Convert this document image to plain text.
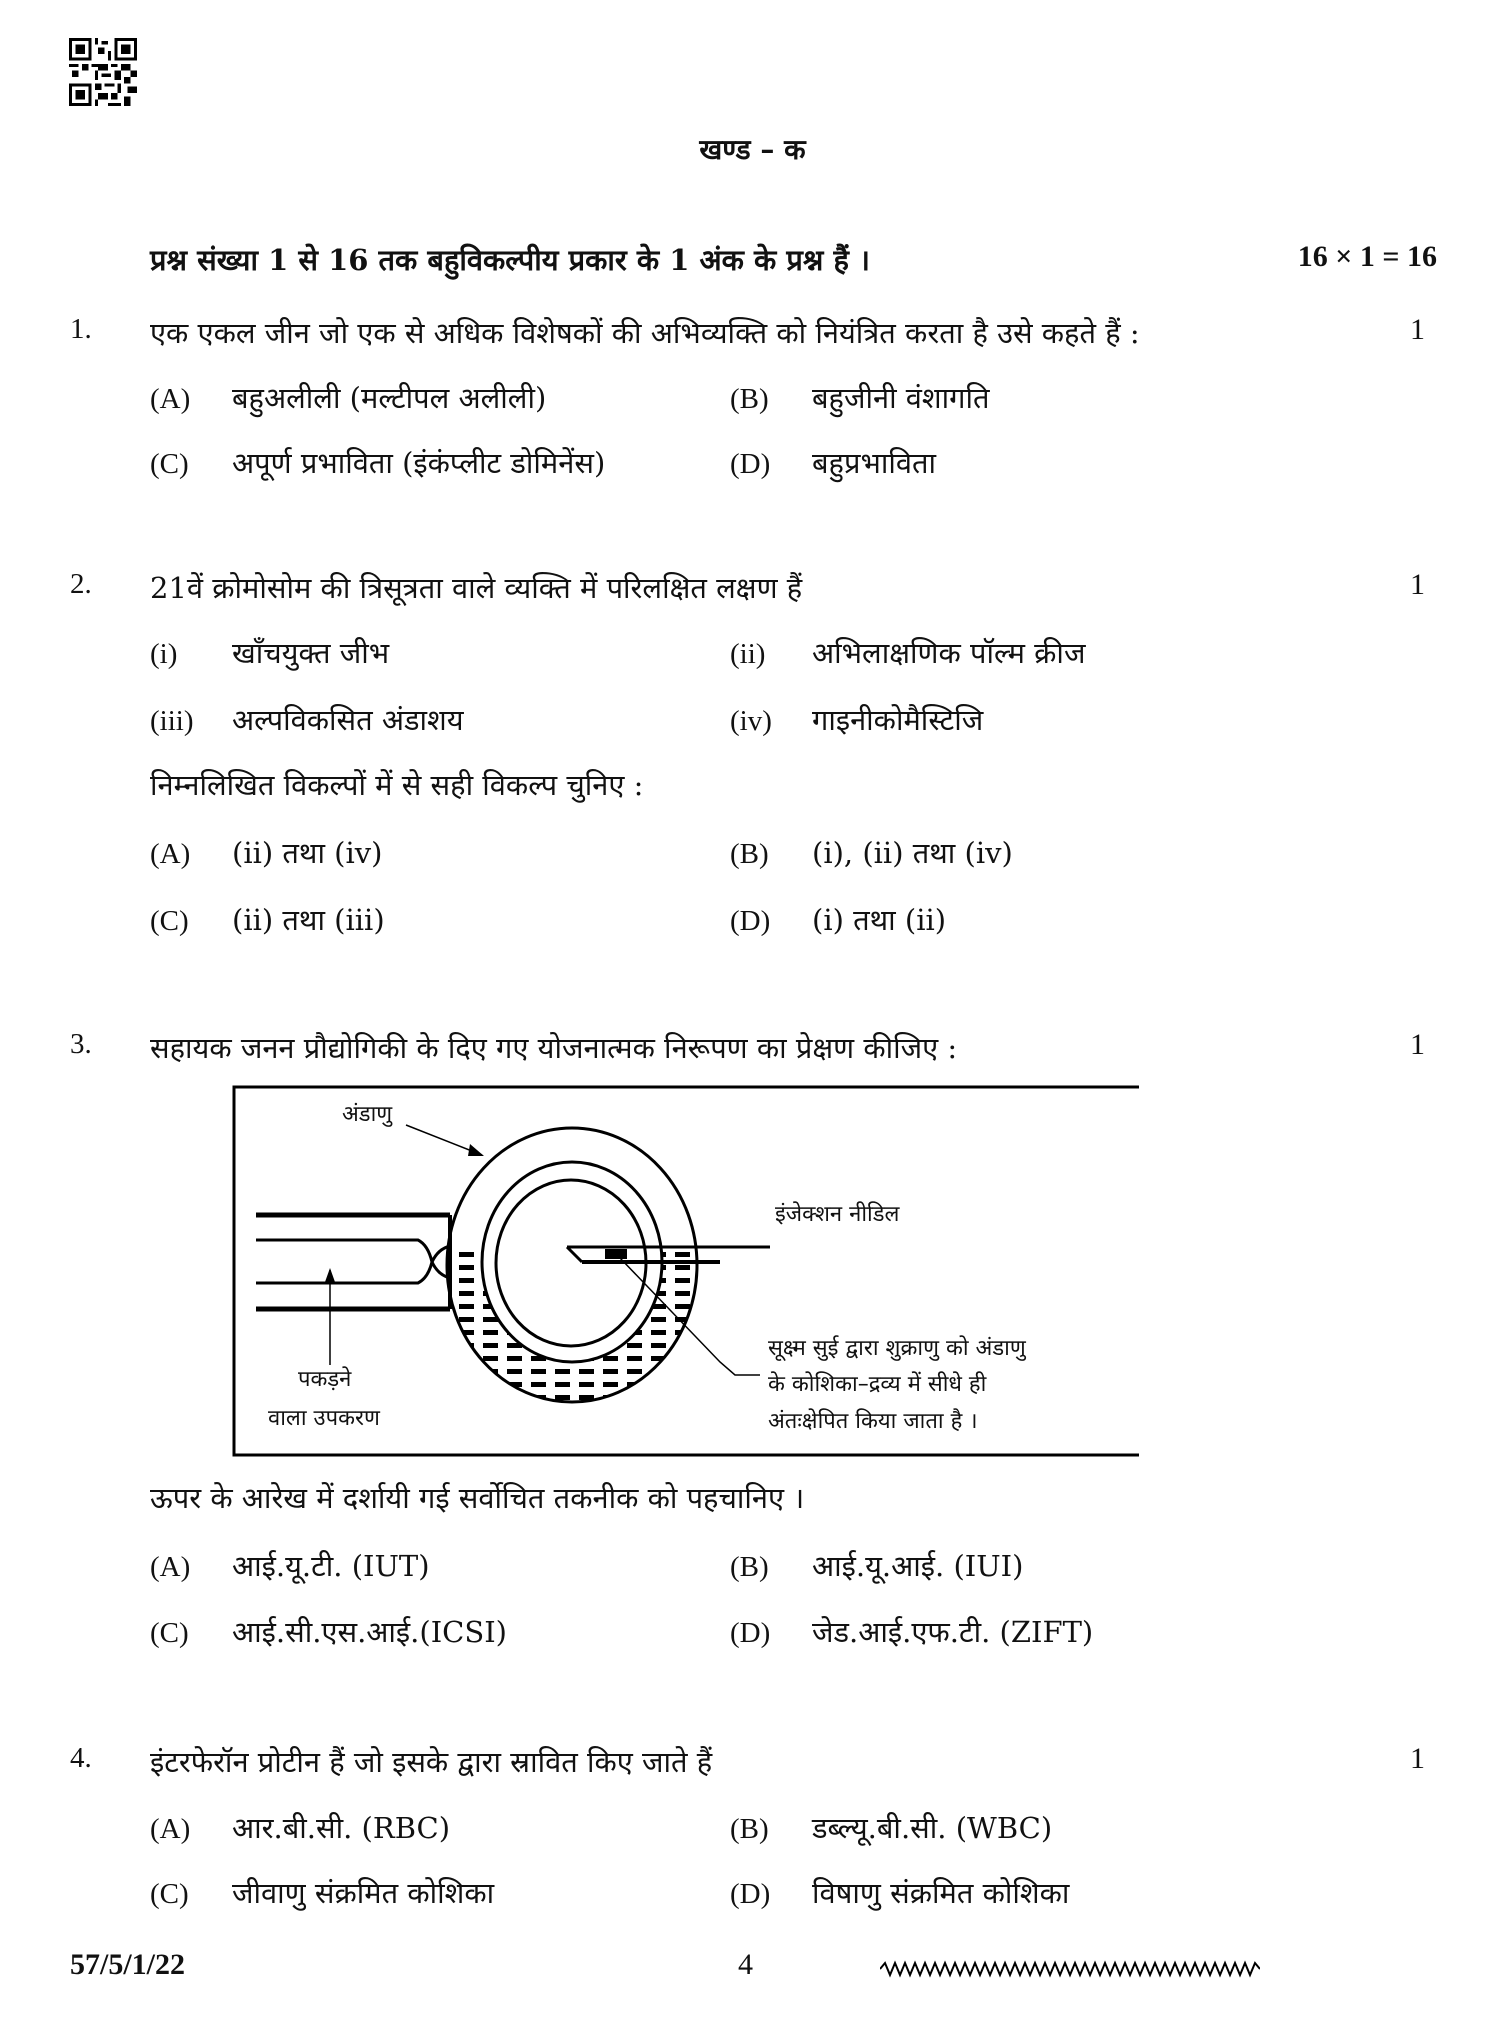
खण्ड – क
प्रश्न संख्या 1 से 16 तक बहुविकल्पीय प्रकार के 1 अंक के प्रश्न हैं ।	16 × 1 = 16
1. एक एकल जीन जो एक से अधिक विशेषकों की अभिव्यक्ति को नियंत्रित करता है उसे कहते हैं :	1
(A) बहुअलीली (मल्टीपल अलीली)	(B) बहुजीनी वंशागति
(C) अपूर्ण प्रभाविता (इंकंप्लीट डोमिनेंस)	(D) बहुप्रभाविता
2. 21वें क्रोमोसोम की त्रिसूत्रता वाले व्यक्ति में परिलक्षित लक्षण हैं	1
(i) खाँचयुक्त जीभ	(ii) अभिलाक्षणिक पॉल्म क्रीज
(iii) अल्पविकसित अंडाशय	(iv) गाइनीकोमैस्टिजि
निम्नलिखित विकल्पों में से सही विकल्प चुनिए :
(A) (ii) तथा (iv)	(B) (i), (ii) तथा (iv)
(C) (ii) तथा (iii)	(D) (i) तथा (ii)
3. सहायक जनन प्रौद्योगिकी के दिए गए योजनात्मक निरूपण का प्रेक्षण कीजिए :	1
अंडाणु
इंजेक्शन नीडिल
पकड़ने
वाला उपकरण
सूक्ष्म सुई द्वारा शुक्राणु को अंडाणु
के कोशिका–द्रव्य में सीधे ही
अंतःक्षेपित किया जाता है ।
ऊपर के आरेख में दर्शायी गई सर्वोचित तकनीक को पहचानिए ।
(A) आई.यू.टी. (IUT)	(B) आई.यू.आई. (IUI)
(C) आई.सी.एस.आई.(ICSI)	(D) जेड.आई.एफ.टी. (ZIFT)
4. इंटरफेरॉन प्रोटीन हैं जो इसके द्वारा स्रावित किए जाते हैं	1
(A) आर.बी.सी. (RBC)	(B) डब्ल्यू.बी.सी. (WBC)
(C) जीवाणु संक्रमित कोशिका	(D) विषाणु संक्रमित कोशिका
57/5/1/22	4
